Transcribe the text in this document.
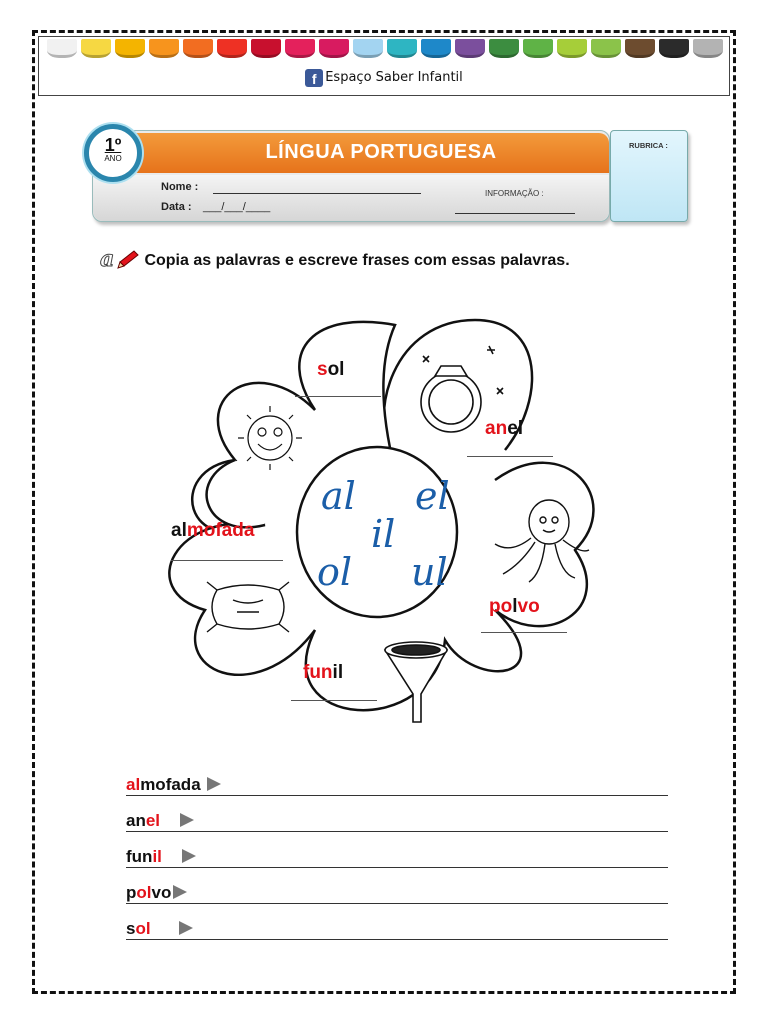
f Espaço Saber Infantil
LÍNGUA PORTUGUESA
Nome :
Data : ___/___/____
INFORMAÇÃO :
RUBRICA :
1º
ANO
a Copia as palavras e escreve frases com essas palavras.
sol
anel
almofada
polvo
funil
al el
il
ol ul
almofada
anel
funil
polvo
sol
